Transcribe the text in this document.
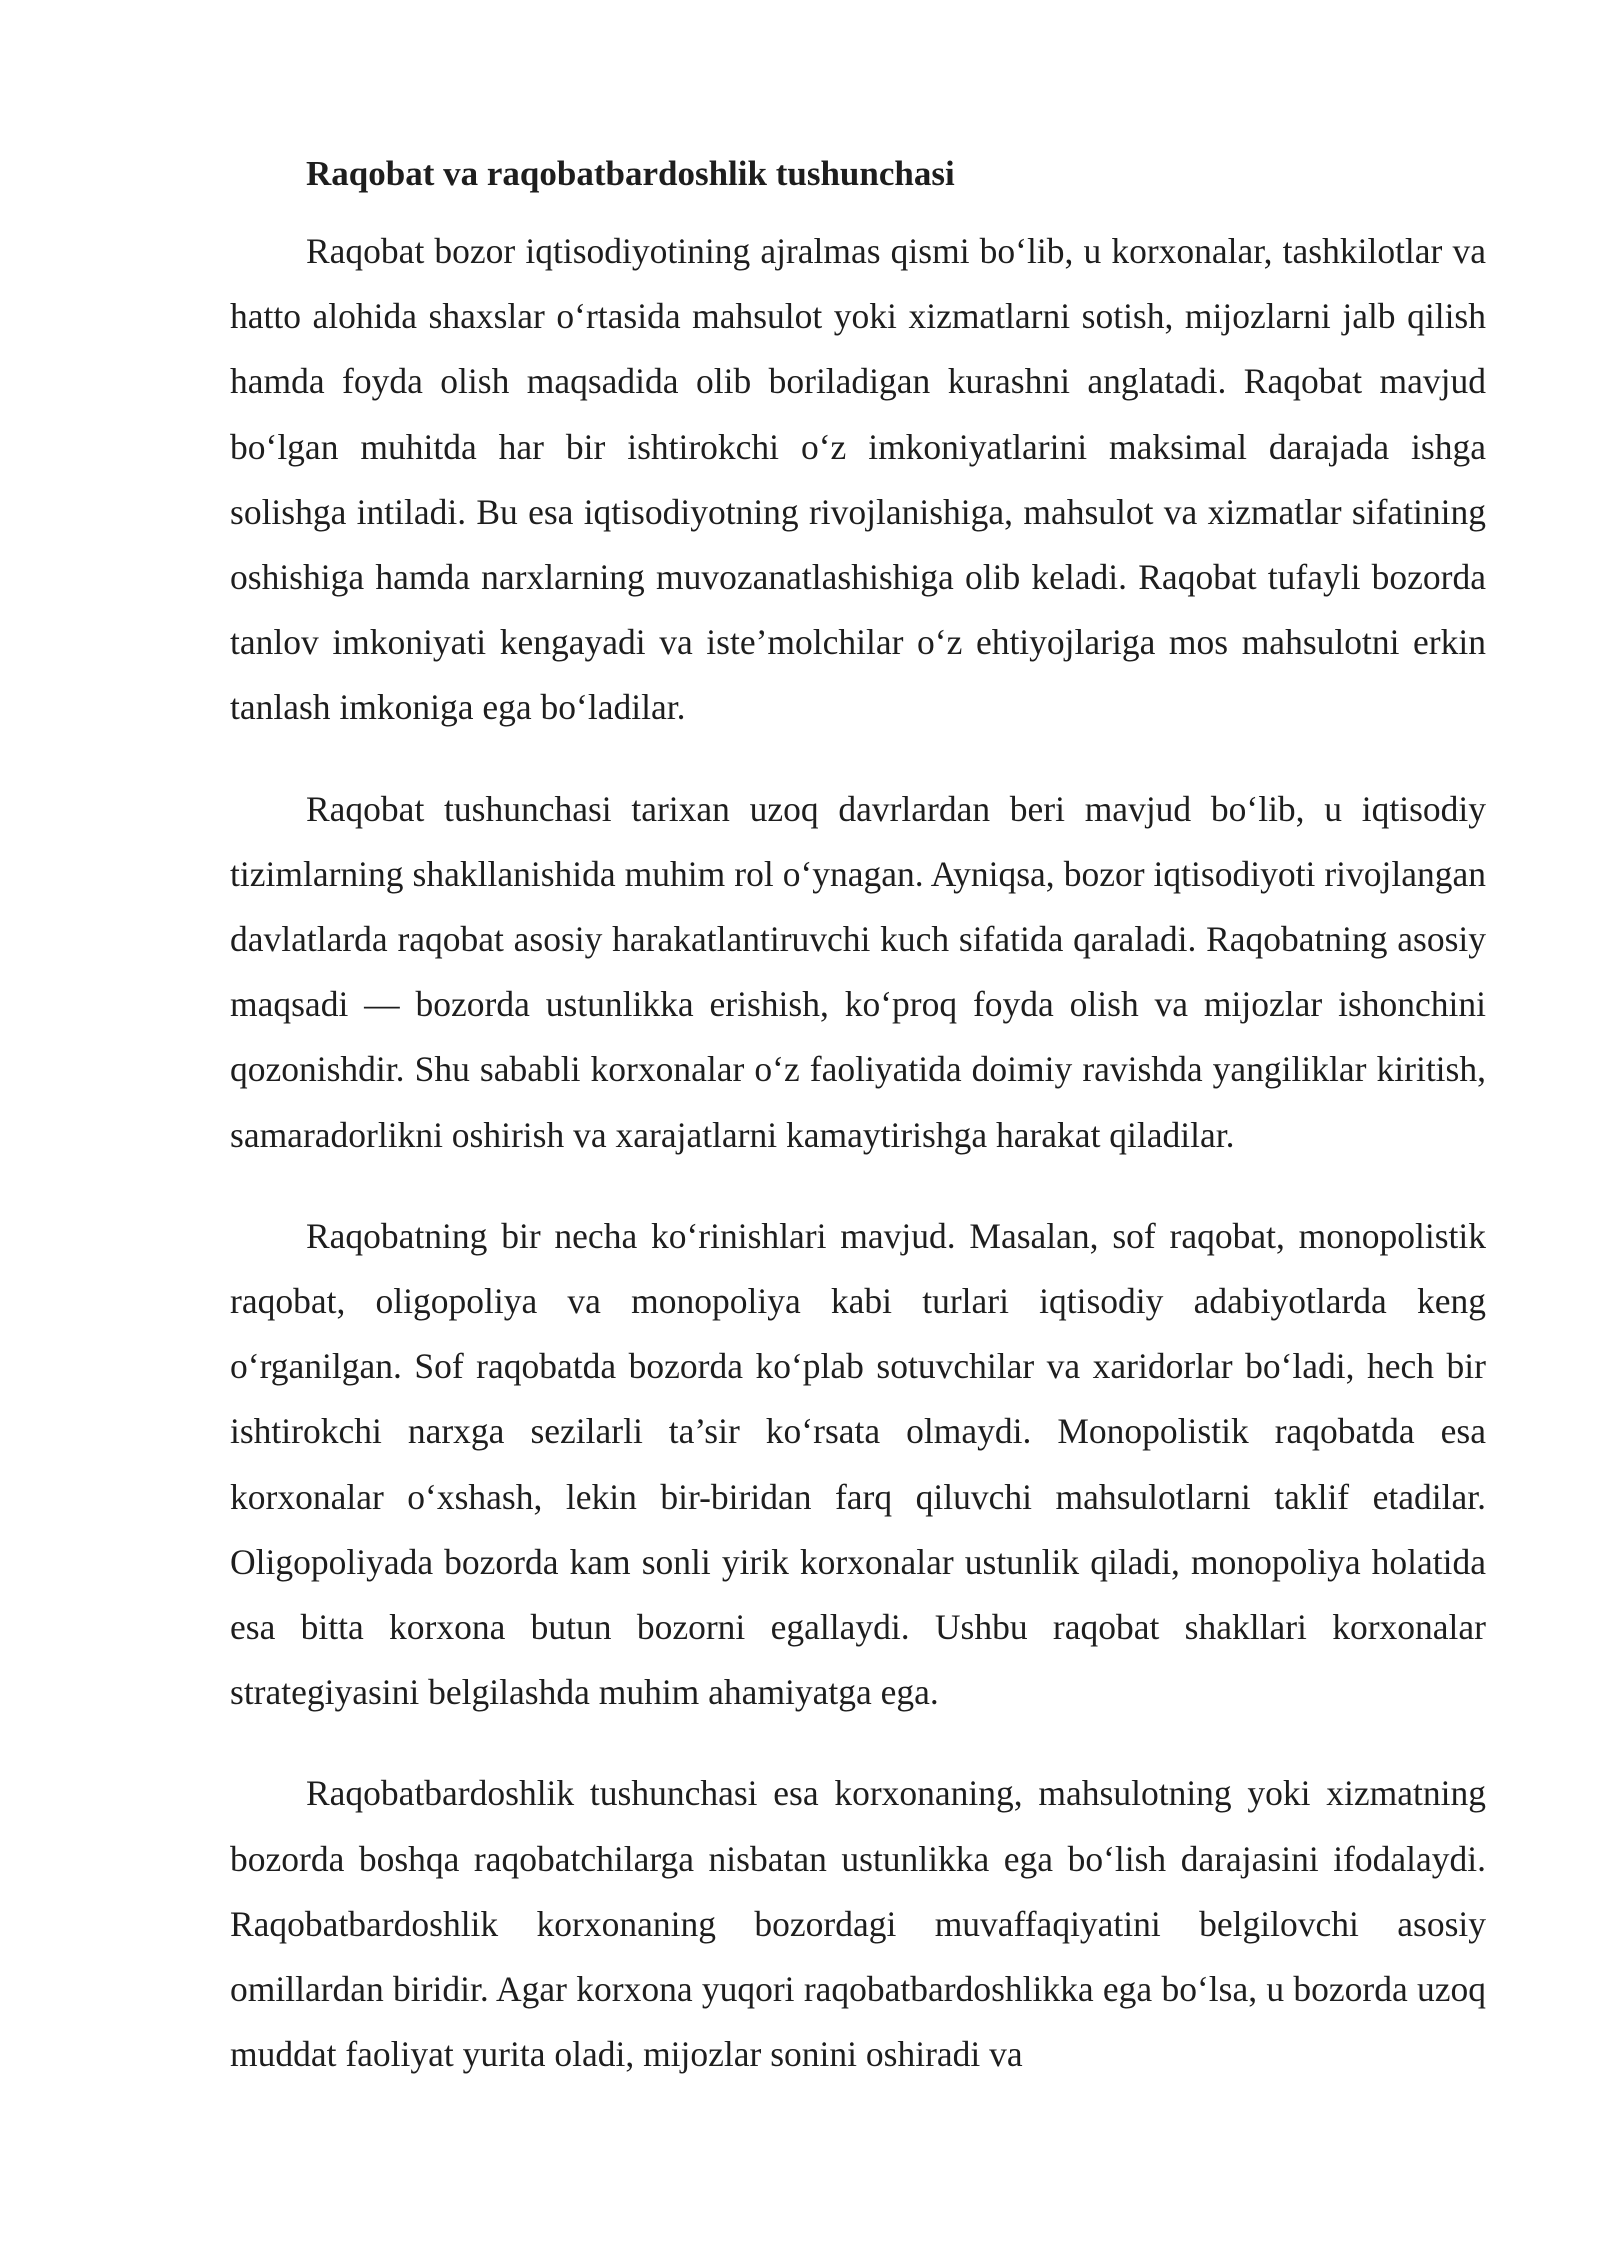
Raqobat va raqobatbardoshlik tushunchasi

Raqobat bozor iqtisodiyotining ajralmas qismi bo‘lib, u korxonalar, tashkilotlar va hatto alohida shaxslar o‘rtasida mahsulot yoki xizmatlarni sotish, mijozlarni jalb qilish hamda foyda olish maqsadida olib boriladigan kurashni anglatadi. Raqobat mavjud bo‘lgan muhitda har bir ishtirokchi o‘z imkoniyatlarini maksimal darajada ishga solishga intiladi. Bu esa iqtisodiyotning rivojlanishiga, mahsulot va xizmatlar sifatining oshishiga hamda narxlarning muvozanatlashishiga olib keladi. Raqobat tufayli bozorda tanlov imkoniyati kengayadi va iste’molchilar o‘z ehtiyojlariga mos mahsulotni erkin tanlash imkoniga ega bo‘ladilar.

Raqobat tushunchasi tarixan uzoq davrlardan beri mavjud bo‘lib, u iqtisodiy tizimlarning shakllanishida muhim rol o‘ynagan. Ayniqsa, bozor iqtisodiyoti rivojlangan davlatlarda raqobat asosiy harakatlantiruvchi kuch sifatida qaraladi. Raqobatning asosiy maqsadi — bozorda ustunlikka erishish, ko‘proq foyda olish va mijozlar ishonchini qozonishdir. Shu sababli korxonalar o‘z faoliyatida doimiy ravishda yangiliklar kiritish, samaradorlikni oshirish va xarajatlarni kamaytirishga harakat qiladilar.

Raqobatning bir necha ko‘rinishlari mavjud. Masalan, sof raqobat, monopolistik raqobat, oligopoliya va monopoliya kabi turlari iqtisodiy adabiyotlarda keng o‘rganilgan. Sof raqobatda bozorda ko‘plab sotuvchilar va xaridorlar bo‘ladi, hech bir ishtirokchi narxga sezilarli ta’sir ko‘rsata olmaydi. Monopolistik raqobatda esa korxonalar o‘xshash, lekin bir-biridan farq qiluvchi mahsulotlarni taklif etadilar. Oligopoliyada bozorda kam sonli yirik korxonalar ustunlik qiladi, monopoliya holatida esa bitta korxona butun bozorni egallaydi. Ushbu raqobat shakllari korxonalar strategiyasini belgilashda muhim ahamiyatga ega.

Raqobatbardoshlik tushunchasi esa korxonaning, mahsulotning yoki xizmatning bozorda boshqa raqobatchilarga nisbatan ustunlikka ega bo‘lish darajasini ifodalaydi. Raqobatbardoshlik korxonaning bozordagi muvaffaqiyatini belgilovchi asosiy omillardan biridir. Agar korxona yuqori raqobatbardoshlikka ega bo‘lsa, u bozorda uzoq muddat faoliyat yurita oladi, mijozlar sonini oshiradi va
